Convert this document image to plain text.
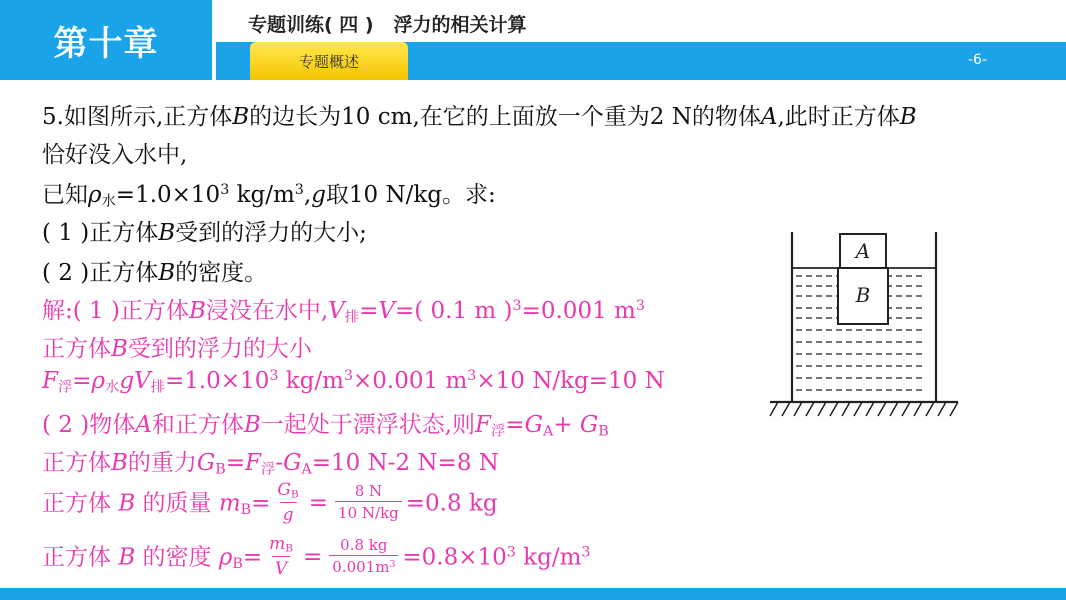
第十章	专题训练( 四 )   浮力的相关计算
专题概述	-6-
5.如图所示,正方体B的边长为10 cm,在它的上面放一个重为2 N的物体A,此时正方体B
恰好没入水中,
已知$\rho_水=1.0\times 10^3$ $kg/m^3,g$取10 N/kg。求:
( 1 )正方体B受到的浮力的大小;
( 2 )正方体B的密度。
解:( 1 )正方体B浸没在水中$,V_排=V=$( 0.1 m )$^3$=0.001 $m^3$
正方体B受到的浮力的大小
$F_浮=\rho_水gV_排=1.0\times 10^3$ $kg/m^3\times 0.001$ $m^3\times 10$ N/kg=10 N
( 2 )物体A和正方体B一起处于漂浮状态,则$F_浮=G_A+ G_B$
正方体B的重力$G_B=F_浮-G_A=10$ N-2 N=8 N
正方体 B 的质量 $m_B= \frac{G_B}{g} = \frac{8 N}{10 N/kg} =0.8$ kg
正方体 B 的密度 $\rho_B= \frac{m_B}{V} = \frac{0.8 kg}{0.001m^3} =0.8\times 10^3$ $kg/m^3$
A
B
